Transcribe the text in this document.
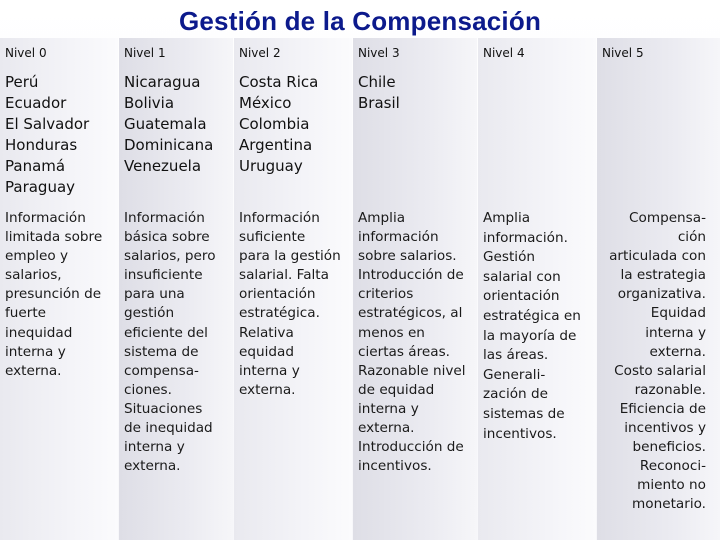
Gestión de la Compensación
Nivel 0
Perú
Ecuador
El Salvador
Honduras
Panamá
Paraguay
Información
limitada sobre
empleo y
salarios,
presunción de
fuerte
inequidad
interna y
externa.
Nivel 1
Nicaragua
Bolivia
Guatemala
Dominicana
Venezuela
Información
básica sobre
salarios, pero
insuficiente
para una
gestión
eficiente del
sistema de
compensa-
ciones.
Situaciones
de inequidad
interna y
externa.
Nivel 2
Costa Rica
México
Colombia
Argentina
Uruguay
Información
suficiente
para la gestión
salarial. Falta
orientación
estratégica.
Relativa
equidad
interna y
externa.
Nivel 3
Chile
Brasil
Amplia
información
sobre salarios.
Introducción de
criterios
estratégicos, al
menos en
ciertas áreas.
Razonable nivel
de equidad
interna y
externa.
Introducción de
incentivos.
Nivel 4
Amplia
información.
Gestión
salarial con
orientación
estratégica en
la mayoría de
las áreas.
Generali-
zación de
sistemas de
incentivos.
Nivel 5
Compensa-
ción
articulada con
la estrategia
organizativa.
Equidad
interna y
externa.
Costo salarial
razonable.
Eficiencia de
incentivos y
beneficios.
Reconoci-
miento no
monetario.
